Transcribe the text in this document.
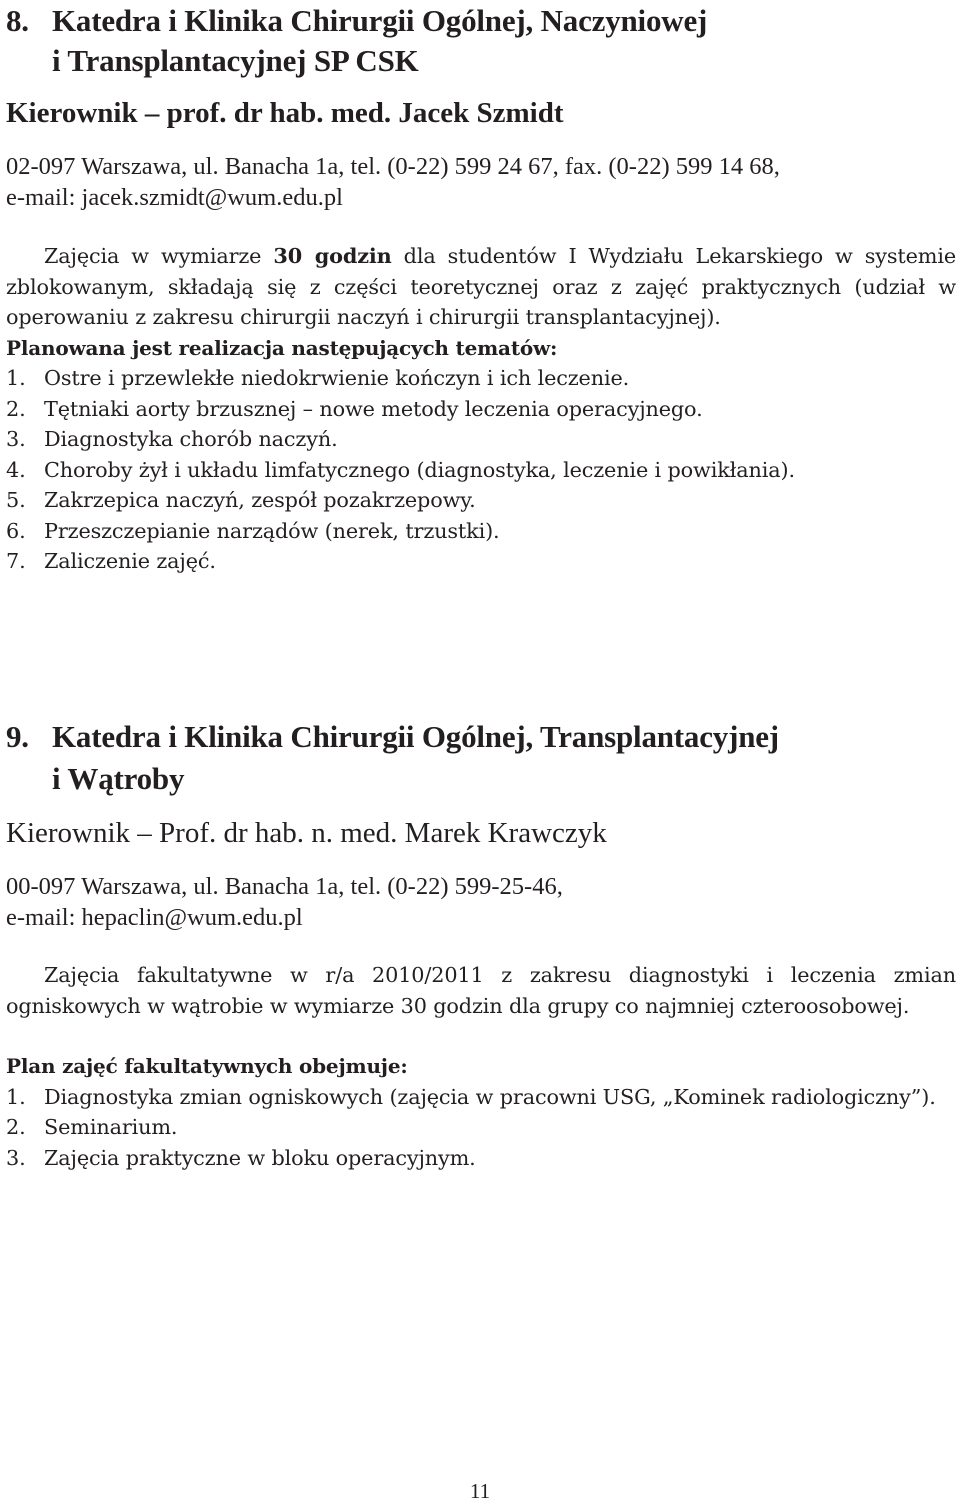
8. Katedra i Klinika Chirurgii Ogólnej, Naczyniowej
i Transplantacyjnej SP CSK

Kierownik – prof. dr hab. med. Jacek Szmidt

02-097 Warszawa, ul. Banacha 1a, tel. (0-22) 599 24 67, fax. (0-22) 599 14 68,

e-mail: jacek.szmidt@wum.edu.pl

Zajęcia w wymiarze 30 godzin dla studentów I Wydziału Lekarskiego w systemie zblokowanym, składają się z części teoretycznej oraz z zajęć praktycznych (udział w operowaniu z zakresu chirurgii naczyń i chirurgii transplantacyjnej).

Planowana jest realizacja następujących tematów:

1. Ostre i przewlekłe niedokrwienie kończyn i ich leczenie.
2. Tętniaki aorty brzusznej – nowe metody leczenia operacyjnego.
3. Diagnostyka chorób naczyń.
4. Choroby żył i układu limfatycznego (diagnostyka, leczenie i powikłania).
5. Zakrzepica naczyń, zespół pozakrzepowy.
6. Przeszczepianie narządów (nerek, trzustki).
7. Zaliczenie zajęć.
9. Katedra i Klinika Chirurgii Ogólnej, Transplantacyjnej
i Wątroby

Kierownik – Prof. dr hab. n. med. Marek Krawczyk

00-097 Warszawa, ul. Banacha 1a, tel. (0-22) 599-25-46,

e-mail: hepaclin@wum.edu.pl

Zajęcia fakultatywne w r/a 2010/2011 z zakresu diagnostyki i leczenia zmian ogniskowych w wątrobie w wymiarze 30 godzin dla grupy co najmniej czteroosobowej.

Plan zajęć fakultatywnych obejmuje:

1. Diagnostyka zmian ogniskowych (zajęcia w pracowni USG, „Kominek radiologiczny”).
2. Seminarium.
3. Zajęcia praktyczne w bloku operacyjnym.
11
